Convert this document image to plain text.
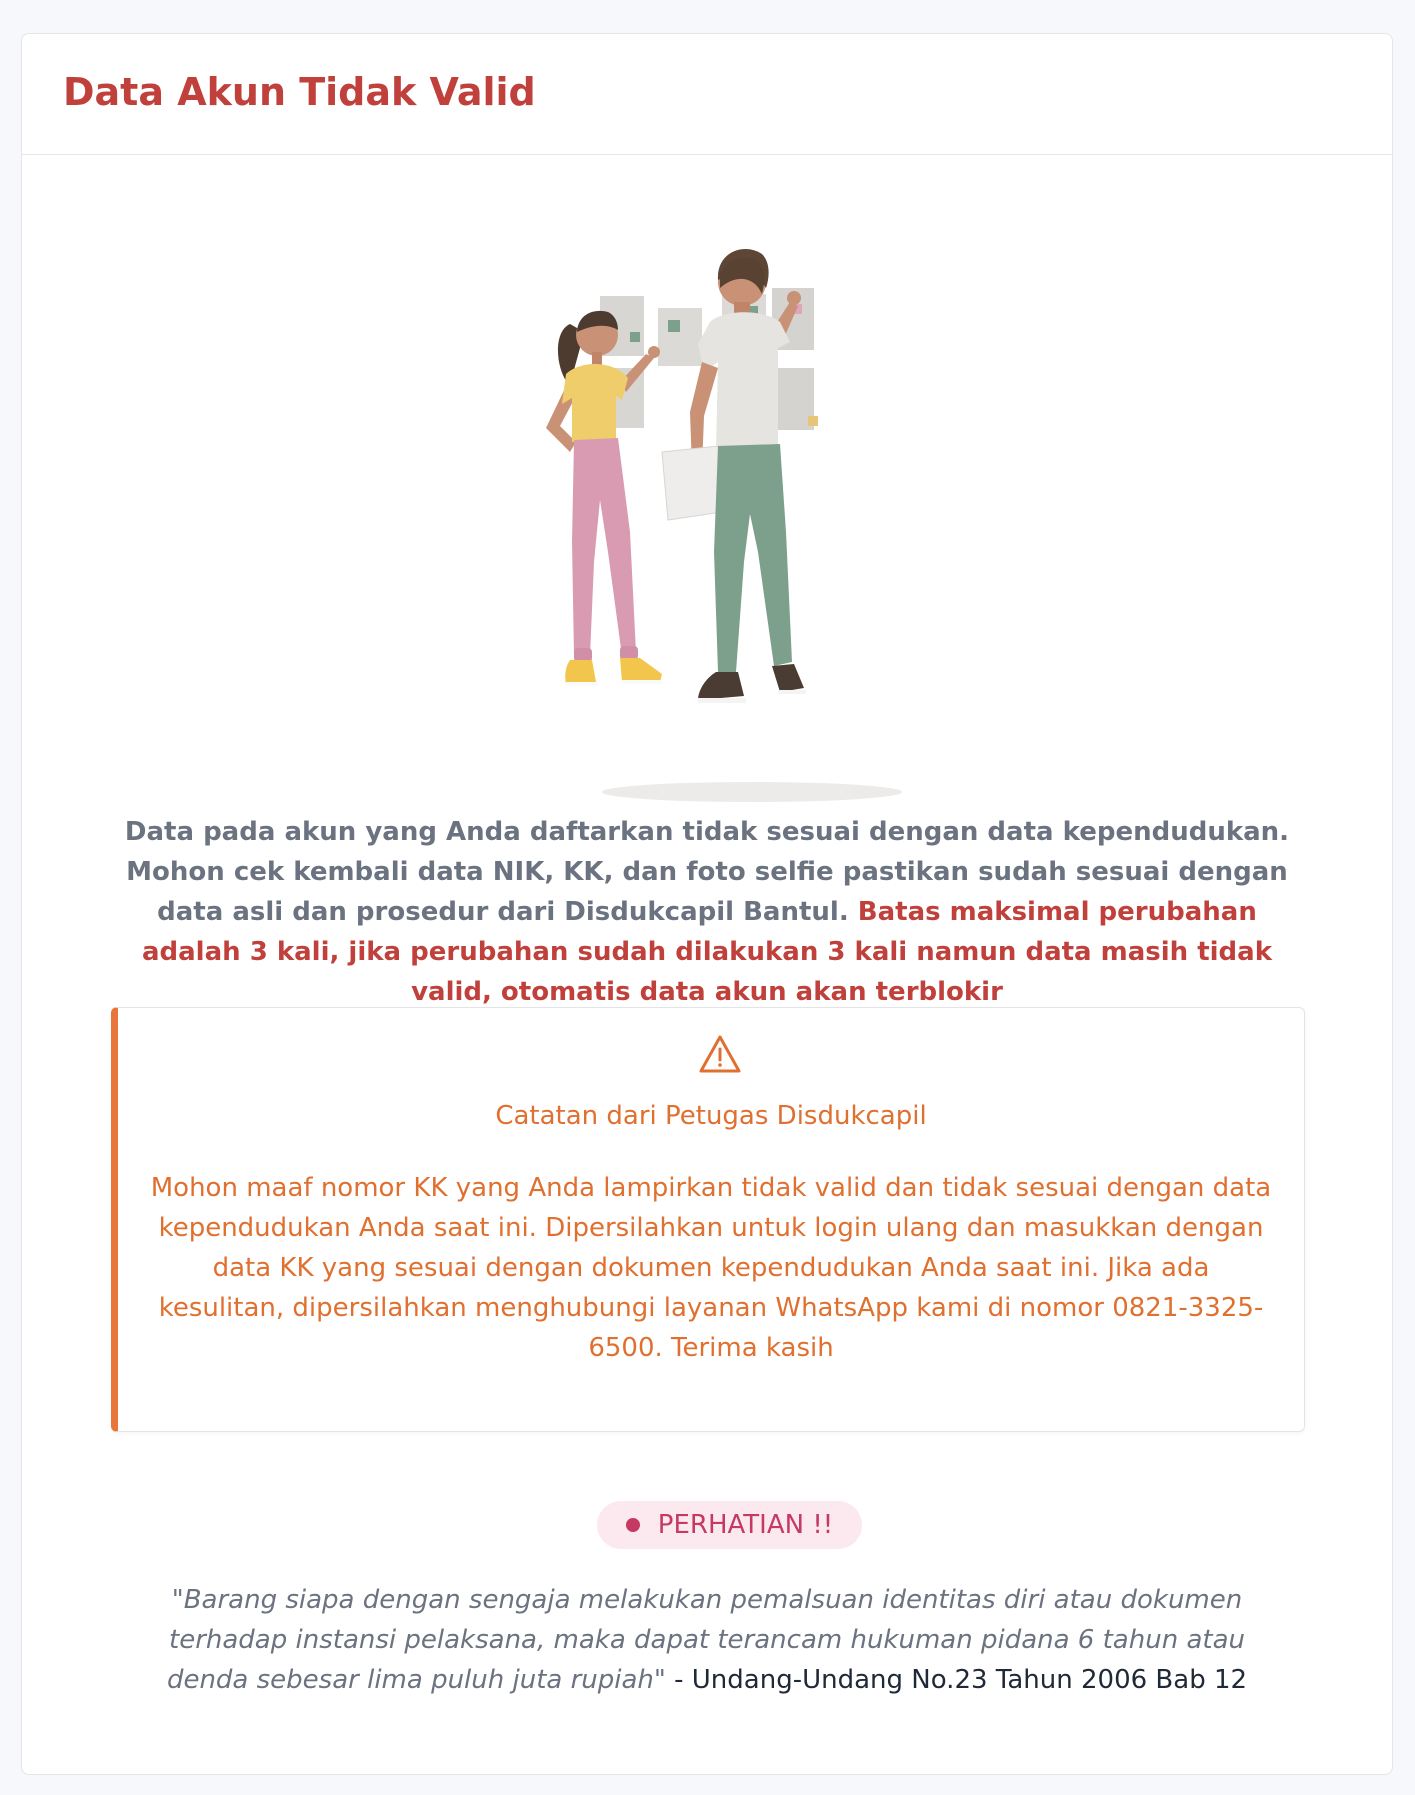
Data Akun Tidak Valid
Data pada akun yang Anda daftarkan tidak sesuai dengan data kependudukan. Mohon cek kembali data NIK, KK, dan foto selfie pastikan sudah sesuai dengan data asli dan prosedur dari Disdukcapil Bantul. Batas maksimal perubahan adalah 3 kali, jika perubahan sudah dilakukan 3 kali namun data masih tidak valid, otomatis data akun akan terblokir
Catatan dari Petugas Disdukcapil
Mohon maaf nomor KK yang Anda lampirkan tidak valid dan tidak sesuai dengan data kependudukan Anda saat ini. Dipersilahkan untuk login ulang dan masukkan dengan data KK yang sesuai dengan dokumen kependudukan Anda saat ini. Jika ada kesulitan, dipersilahkan menghubungi layanan WhatsApp kami di nomor 0821-3325-6500. Terima kasih
PERHATIAN !!
"Barang siapa dengan sengaja melakukan pemalsuan identitas diri atau dokumen terhadap instansi pelaksana, maka dapat terancam hukuman pidana 6 tahun atau denda sebesar lima puluh juta rupiah" - Undang-Undang No.23 Tahun 2006 Bab 12
